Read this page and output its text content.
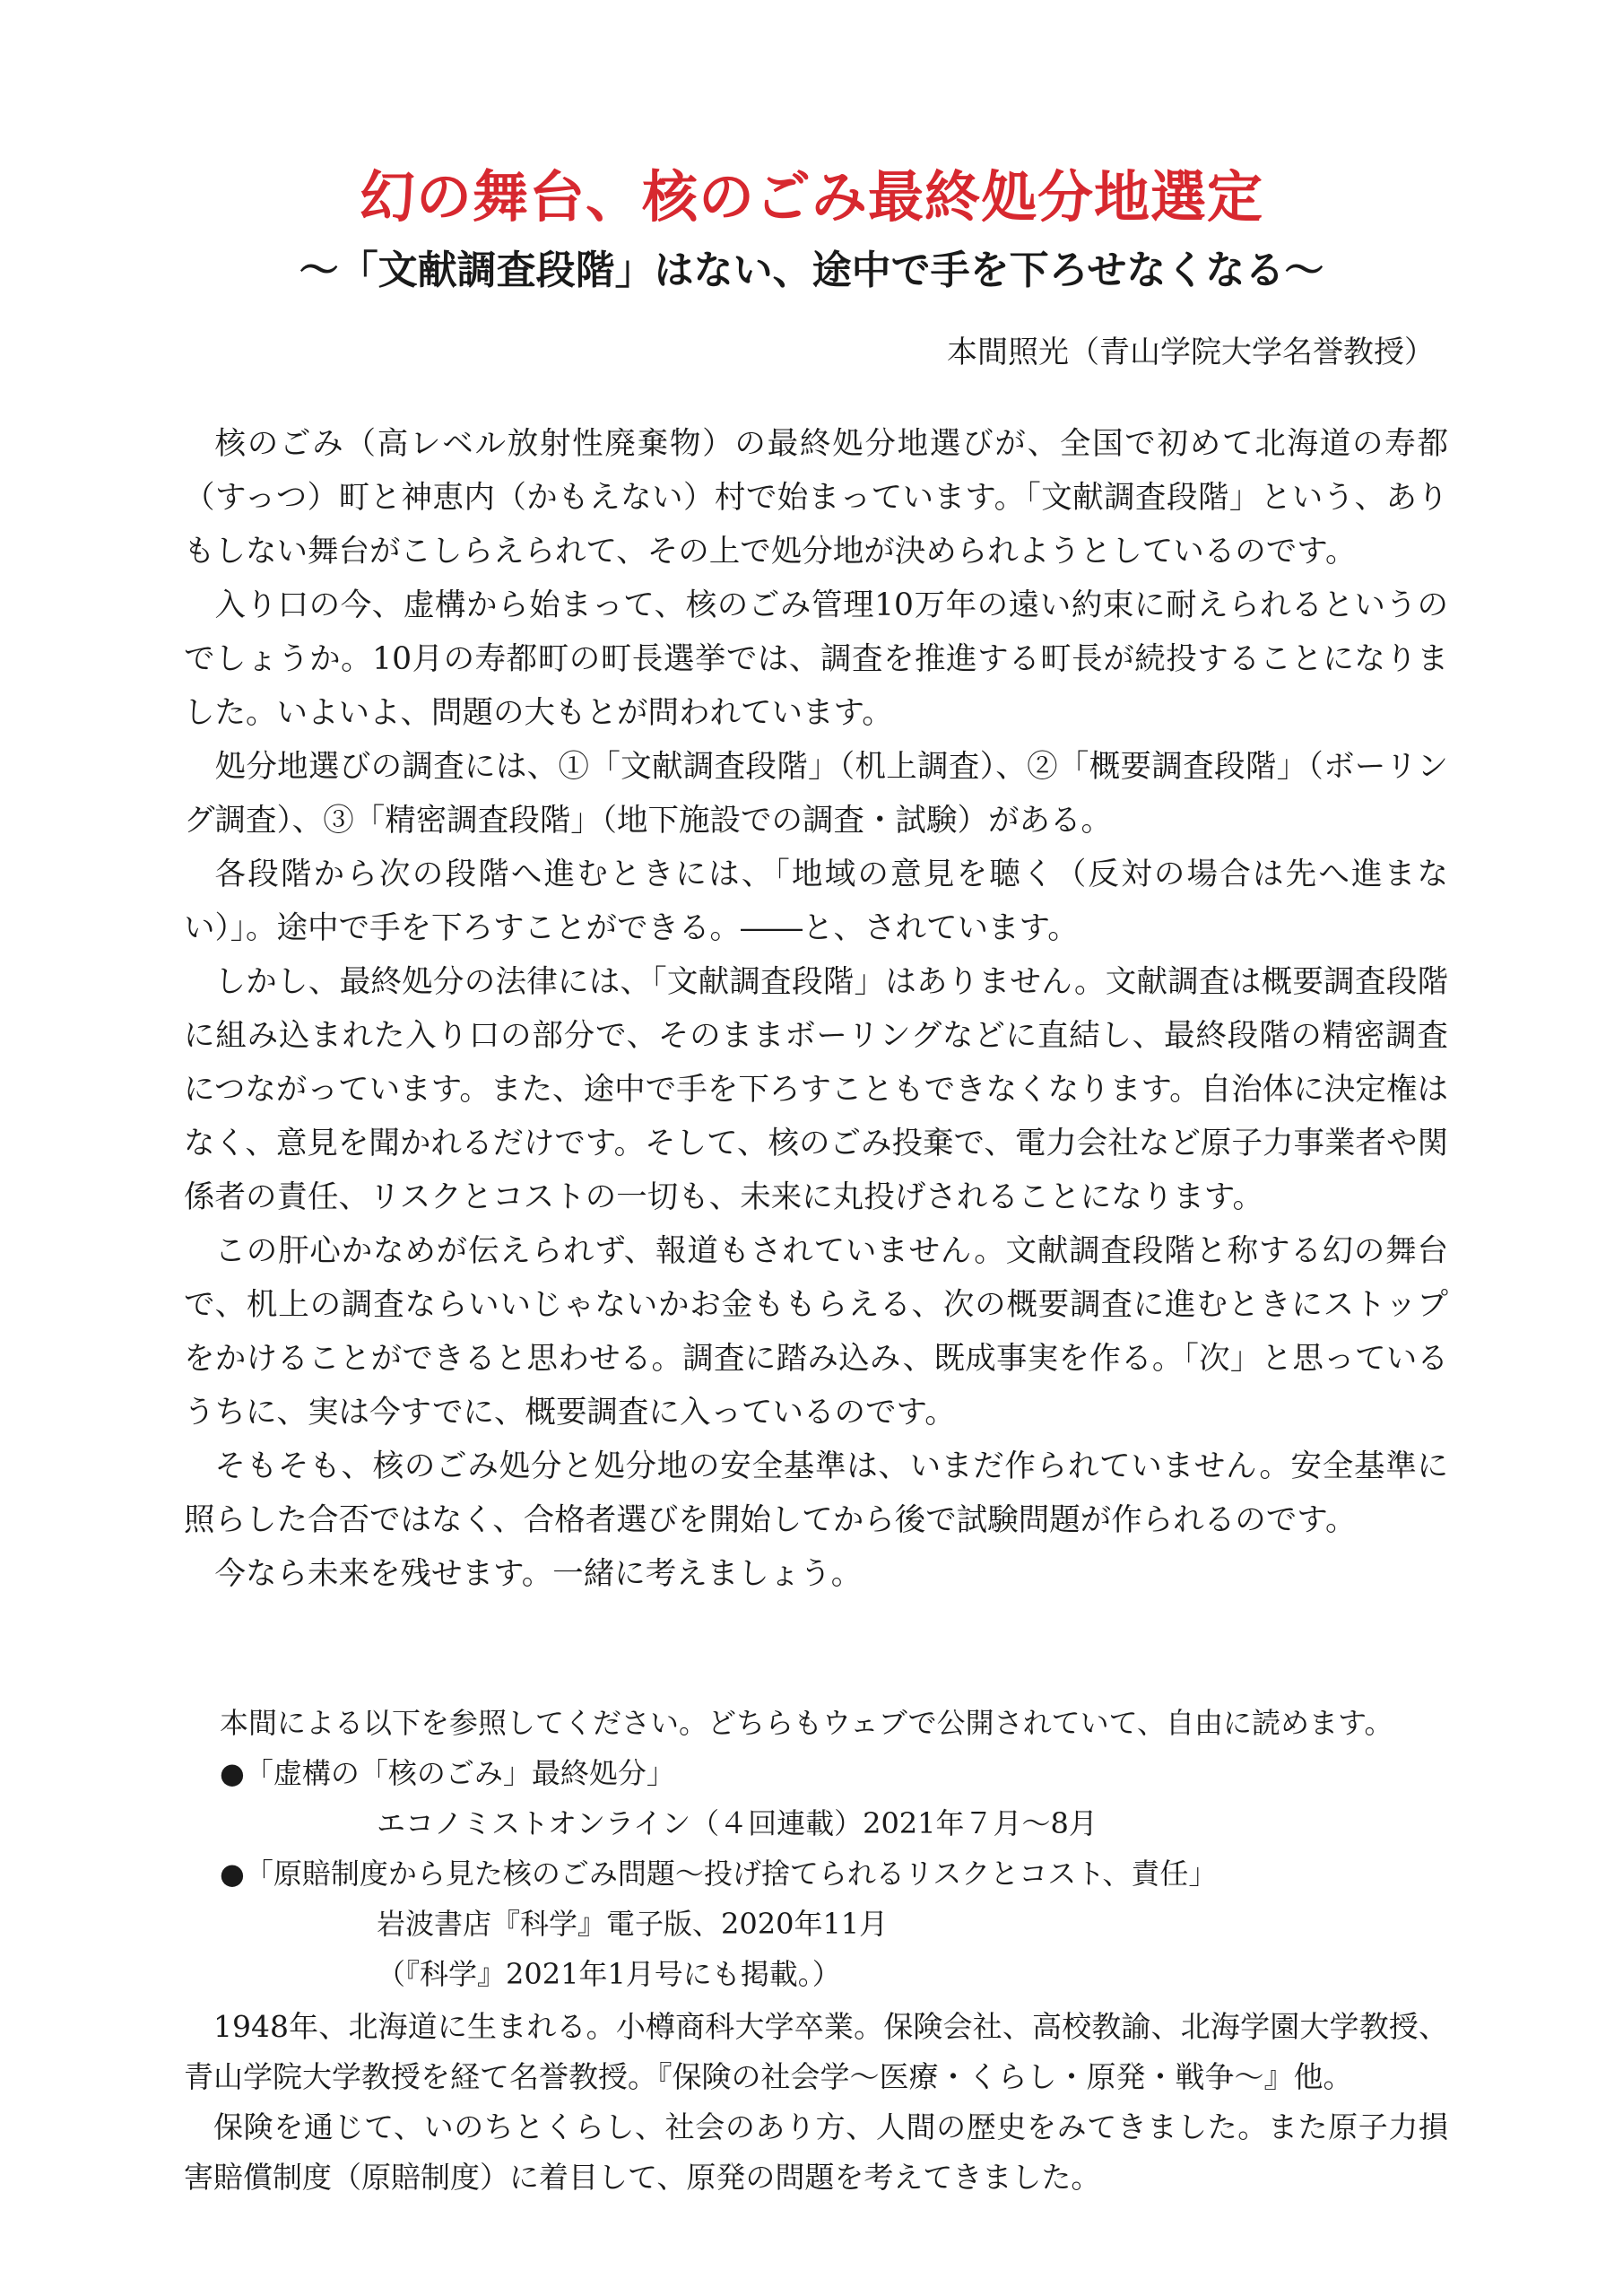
幻の舞台、核のごみ最終処分地選定
～「文献調査段階」はない、途中で手を下ろせなくなる～
本間照光（青山学院大学名誉教授）

核のごみ（高レベル放射性廃棄物）の最終処分地選びが、全国で初めて北海道の寿都（すっつ）町と神恵内（かもえない）村で始まっています。「文献調査段階」という、ありもしない舞台がこしらえられて、その上で処分地が決められようとしているのです。

入り口の今、虚構から始まって、核のごみ管理10万年の遠い約束に耐えられるというのでしょうか。10月の寿都町の町長選挙では、調査を推進する町長が続投することになりました。いよいよ、問題の大もとが問われています。

処分地選びの調査には、①「文献調査段階」（机上調査）、②「概要調査段階」（ボーリング調査）、③「精密調査段階」（地下施設での調査・試験）がある。

各段階から次の段階へ進むときには、「地域の意見を聴く（反対の場合は先へ進まない）」。途中で手を下ろすことができる。――と、されています。

しかし、最終処分の法律には、「文献調査段階」はありません。文献調査は概要調査段階に組み込まれた入り口の部分で、そのままボーリングなどに直結し、最終段階の精密調査につながっています。また、途中で手を下ろすこともできなくなります。自治体に決定権はなく、意見を聞かれるだけです。そして、核のごみ投棄で、電力会社など原子力事業者や関係者の責任、リスクとコストの一切も、未来に丸投げされることになります。

この肝心かなめが伝えられず、報道もされていません。文献調査段階と称する幻の舞台で、机上の調査ならいいじゃないかお金ももらえる、次の概要調査に進むときにストップをかけることができると思わせる。調査に踏み込み、既成事実を作る。「次」と思っているうちに、実は今すでに、概要調査に入っているのです。

そもそも、核のごみ処分と処分地の安全基準は、いまだ作られていません。安全基準に照らした合否ではなく、合格者選びを開始してから後で試験問題が作られるのです。

今なら未来を残せます。一緒に考えましょう。

本間による以下を参照してください。どちらもウェブで公開されていて、自由に読めます。
●「虚構の「核のごみ」最終処分」
エコノミストオンライン（４回連載）2021年７月～8月
●「原賠制度から見た核のごみ問題～投げ捨てられるリスクとコスト、責任」
岩波書店『科学』電子版、2020年11月
（『科学』2021年1月号にも掲載。）

1948年、北海道に生まれる。小樽商科大学卒業。保険会社、高校教諭、北海学園大学教授、青山学院大学教授を経て名誉教授。『保険の社会学～医療・くらし・原発・戦争～』他。

保険を通じて、いのちとくらし、社会のあり方、人間の歴史をみてきました。また原子力損害賠償制度（原賠制度）に着目して、原発の問題を考えてきました。
